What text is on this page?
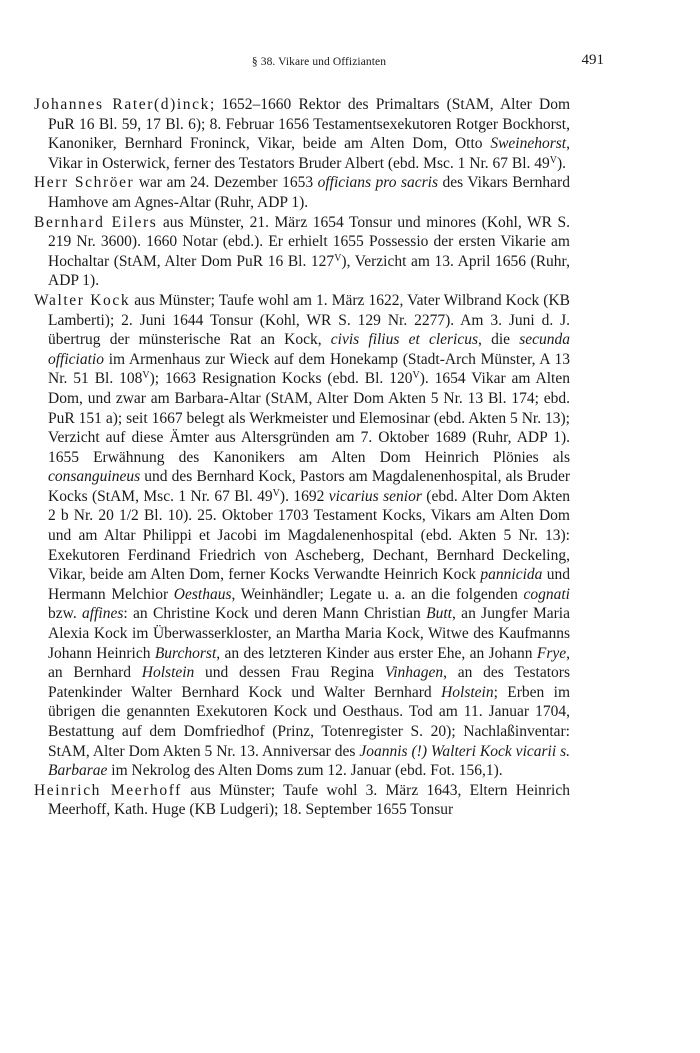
§ 38. Vikare und Offizianten	491

Johannes Rater(d)inck; 1652–1660 Rektor des Primaltars (StAM, Alter Dom PuR 16 Bl. 59, 17 Bl. 6); 8. Februar 1656 Testamentsexekutoren Rotger Bockhorst, Kanoniker, Bernhard Froninck, Vikar, beide am Alten Dom, Otto Sweinehorst, Vikar in Osterwick, ferner des Testators Bruder Albert (ebd. Msc. 1 Nr. 67 Bl. $49^V$).

Herr Schröer war am 24. Dezember 1653 officians pro sacris des Vikars Bernhard Hamhove am Agnes-Altar (Ruhr, ADP 1).

Bernhard Eilers aus Münster, 21. März 1654 Tonsur und minores (Kohl, WR S. 219 Nr. 3600). 1660 Notar (ebd.). Er erhielt 1655 Possessio der ersten Vikarie am Hochaltar (StAM, Alter Dom PuR 16 Bl. $127^V$), Verzicht am 13. April 1656 (Ruhr, ADP 1).

Walter Kock aus Münster; Taufe wohl am 1. März 1622, Vater Wilbrand Kock (KB Lamberti); 2. Juni 1644 Tonsur (Kohl, WR S. 129 Nr. 2277). Am 3. Juni d. J. übertrug der münsterische Rat an Kock, civis filius et clericus, die secunda officiatio im Armenhaus zur Wieck auf dem Honekamp (Stadt-Arch Münster, A 13 Nr. 51 Bl. $108^V$); 1663 Resignation Kocks (ebd. Bl. $120^V$). 1654 Vikar am Alten Dom, und zwar am Barbara-Altar (StAM, Alter Dom Akten 5 Nr. 13 Bl. 174; ebd. PuR 151 a); seit 1667 belegt als Werkmeister und Elemosinar (ebd. Akten 5 Nr. 13); Verzicht auf diese Ämter aus Altersgründen am 7. Oktober 1689 (Ruhr, ADP 1). 1655 Erwähnung des Kanonikers am Alten Dom Heinrich Plönies als consanguineus und des Bernhard Kock, Pastors am Magdalenenhospital, als Bruder Kocks (StAM, Msc. 1 Nr. 67 Bl. $49^V$). 1692 vicarius senior (ebd. Alter Dom Akten 2 b Nr. 20 1/2 Bl. 10). 25. Oktober 1703 Testament Kocks, Vikars am Alten Dom und am Altar Philippi et Jacobi im Magdalenenhospital (ebd. Akten 5 Nr. 13): Exekutoren Ferdinand Friedrich von Ascheberg, Dechant, Bernhard Deckeling, Vikar, beide am Alten Dom, ferner Kocks Verwandte Heinrich Kock pannicida und Hermann Melchior Oesthaus, Weinhändler; Legate u. a. an die folgenden cognati bzw. affines: an Christine Kock und deren Mann Christian Butt, an Jungfer Maria Alexia Kock im Überwasserkloster, an Martha Maria Kock, Witwe des Kaufmanns Johann Heinrich Burchorst, an des letzteren Kinder aus erster Ehe, an Johann Frye, an Bernhard Holstein und dessen Frau Regina Vinhagen, an des Testators Patenkinder Walter Bernhard Kock und Walter Bernhard Holstein; Erben im übrigen die genannten Exekutoren Kock und Oesthaus. Tod am 11. Januar 1704, Bestattung auf dem Domfriedhof (Prinz, Totenregister S. 20); Nachlaßinventar: StAM, Alter Dom Akten 5 Nr. 13. Anniversar des Joannis (!) Walteri Kock vicarii s. Barbarae im Nekrolog des Alten Doms zum 12. Januar (ebd. Fot. 156,1).

Heinrich Meerhoff aus Münster; Taufe wohl 3. März 1643, Eltern Heinrich Meerhoff, Kath. Huge (KB Ludgeri); 18. September 1655 Tonsur
